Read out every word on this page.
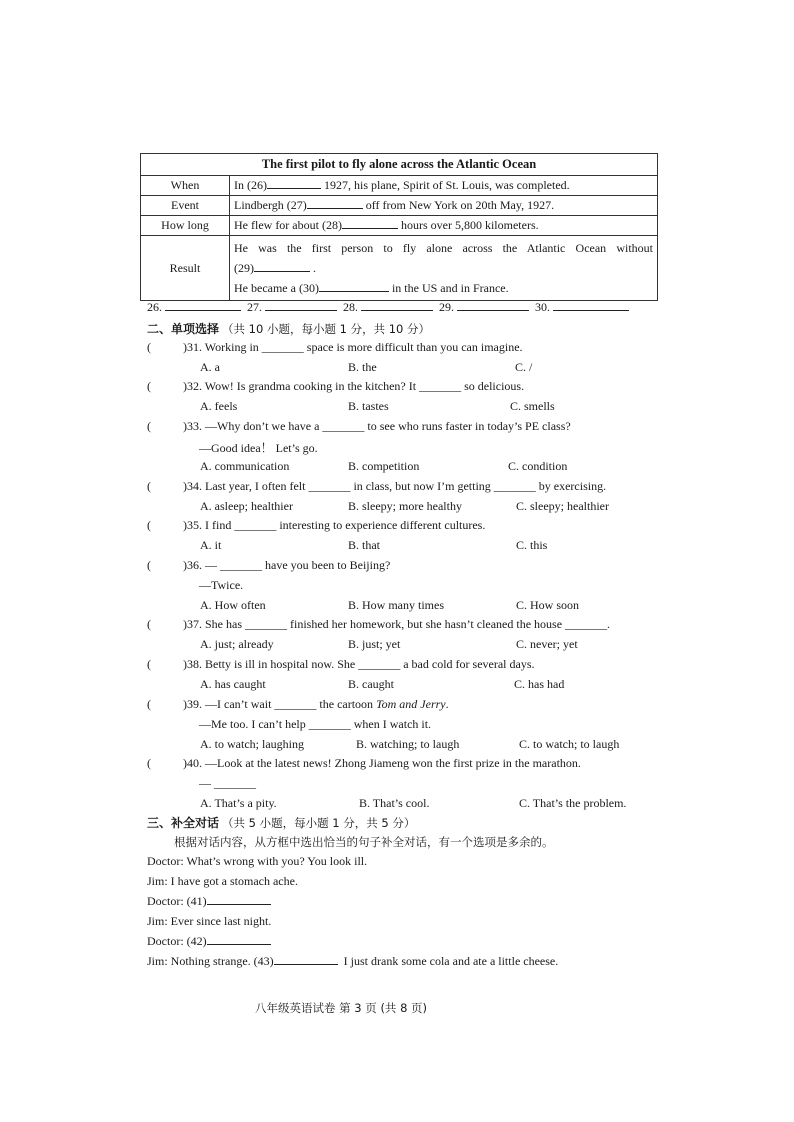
The first pilot to fly alone across the Atlantic Ocean	
When	In (26) 1927, his plane, Spirit of St. Louis, was completed.
Event	Lindbergh (27) off from New York on 20th May, 1927.
How long	He flew for about (28) hours over 5,800 kilometers.
Result	He was the first person to fly alone across the Atlantic Ocean without
(29) .
He became a (30) in the US and in France.
26.	27.	28.	29.	30.
二、单项选择 （共 10 小题，每小题 1 分，共 10 分）
(	)31. Working in _______ space is more difficult than you can imagine.
A. a	B. the	C. /
(	)32. Wow! Is grandma cooking in the kitchen? It _______ so delicious.
A. feels	B. tastes	C. smells
(	)33. —Why don’t we have a _______ to see who runs faster in today’s PE class?
—Good idea！ Let’s go.
A. communication	B. competition	C. condition
(	)34. Last year, I often felt _______ in class, but now I’m getting _______ by exercising.
A. asleep; healthier	B. sleepy; more healthy	C. sleepy; healthier
(	)35. I find _______ interesting to experience different cultures.
A. it	B. that	C. this
(	)36. — _______ have you been to Beijing?
—Twice.
A. How often	B. How many times	C. How soon
(	)37. She has _______ finished her homework, but she hasn’t cleaned the house _______.
A. just; already	B. just; yet	C. never; yet
(	)38. Betty is ill in hospital now. She _______ a bad cold for several days.
A. has caught	B. caught	C. has had
(	)39. —I can’t wait _______ the cartoon Tom and Jerry.
—Me too. I can’t help _______ when I watch it.
A. to watch; laughing	B. watching; to laugh	C. to watch; to laugh
(	)40. —Look at the latest news! Zhong Jiameng won the first prize in the marathon.
— _______
A. That’s a pity.	B. That’s cool.	C. That’s the problem.
三、补全对话 （共 5 小题，每小题 1 分，共 5 分）
根据对话内容，从方框中选出恰当的句子补全对话，有一个选项是多余的。
Doctor: What’s wrong with you? You look ill.
Jim: I have got a stomach ache.
Doctor: (41)
Jim: Ever since last night.
Doctor: (42)
Jim: Nothing strange. (43)	I just drank some cola and ate a little cheese.
八年级英语试卷 第 3 页 (共 8 页)
